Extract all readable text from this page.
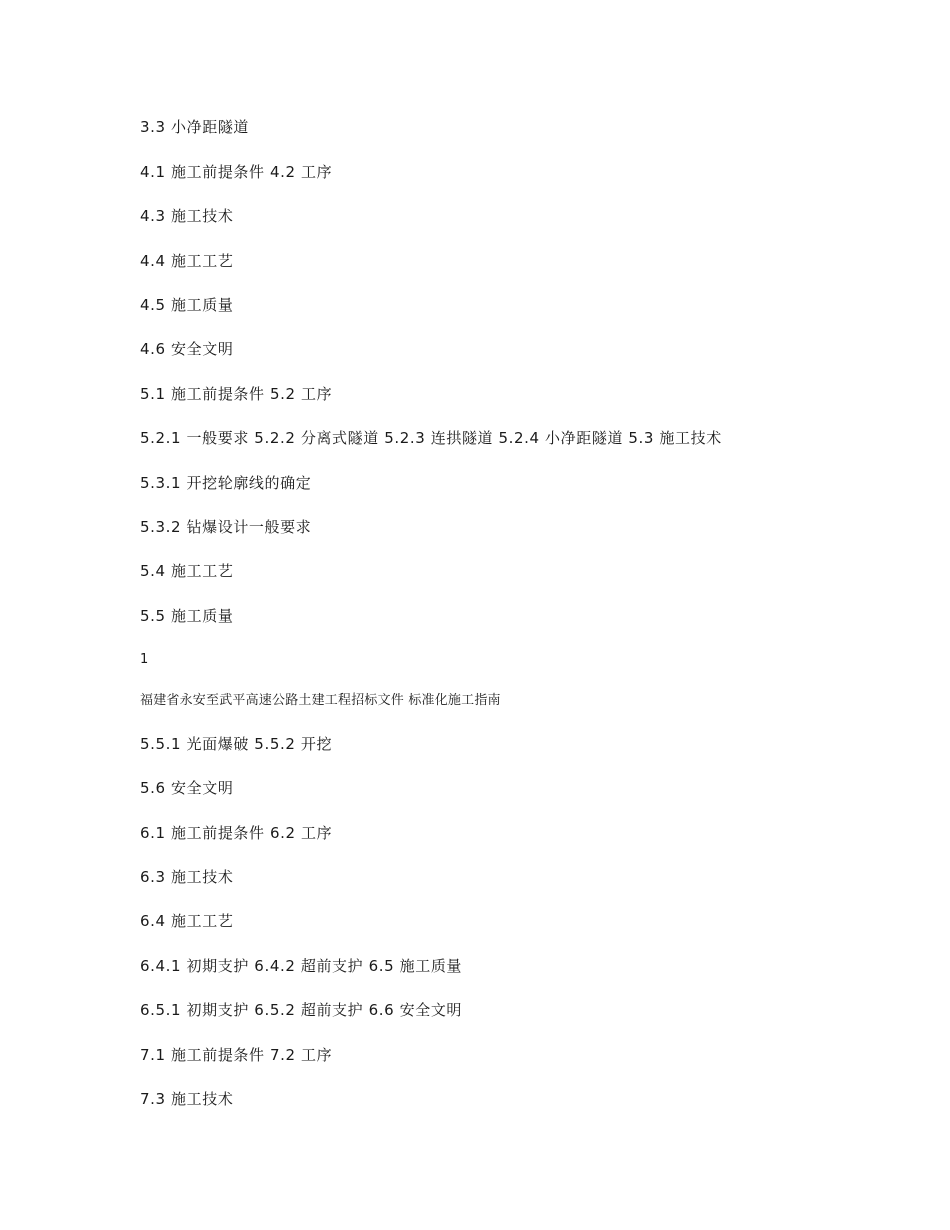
3.3 小净距隧道
4.1 施工前提条件 4.2 工序
4.3 施工技术
4.4 施工工艺
4.5 施工质量
4.6 安全文明
5.1 施工前提条件 5.2 工序
5.2.1 一般要求 5.2.2 分离式隧道 5.2.3 连拱隧道 5.2.4 小净距隧道 5.3 施工技术
5.3.1 开挖轮廓线的确定
5.3.2 钻爆设计一般要求
5.4 施工工艺
5.5 施工质量
1
福建省永安至武平高速公路土建工程招标文件 标准化施工指南
5.5.1 光面爆破 5.5.2 开挖
5.6 安全文明
6.1 施工前提条件 6.2 工序
6.3 施工技术
6.4 施工工艺
6.4.1 初期支护 6.4.2 超前支护 6.5 施工质量
6.5.1 初期支护 6.5.2 超前支护 6.6 安全文明
7.1 施工前提条件 7.2 工序
7.3 施工技术
